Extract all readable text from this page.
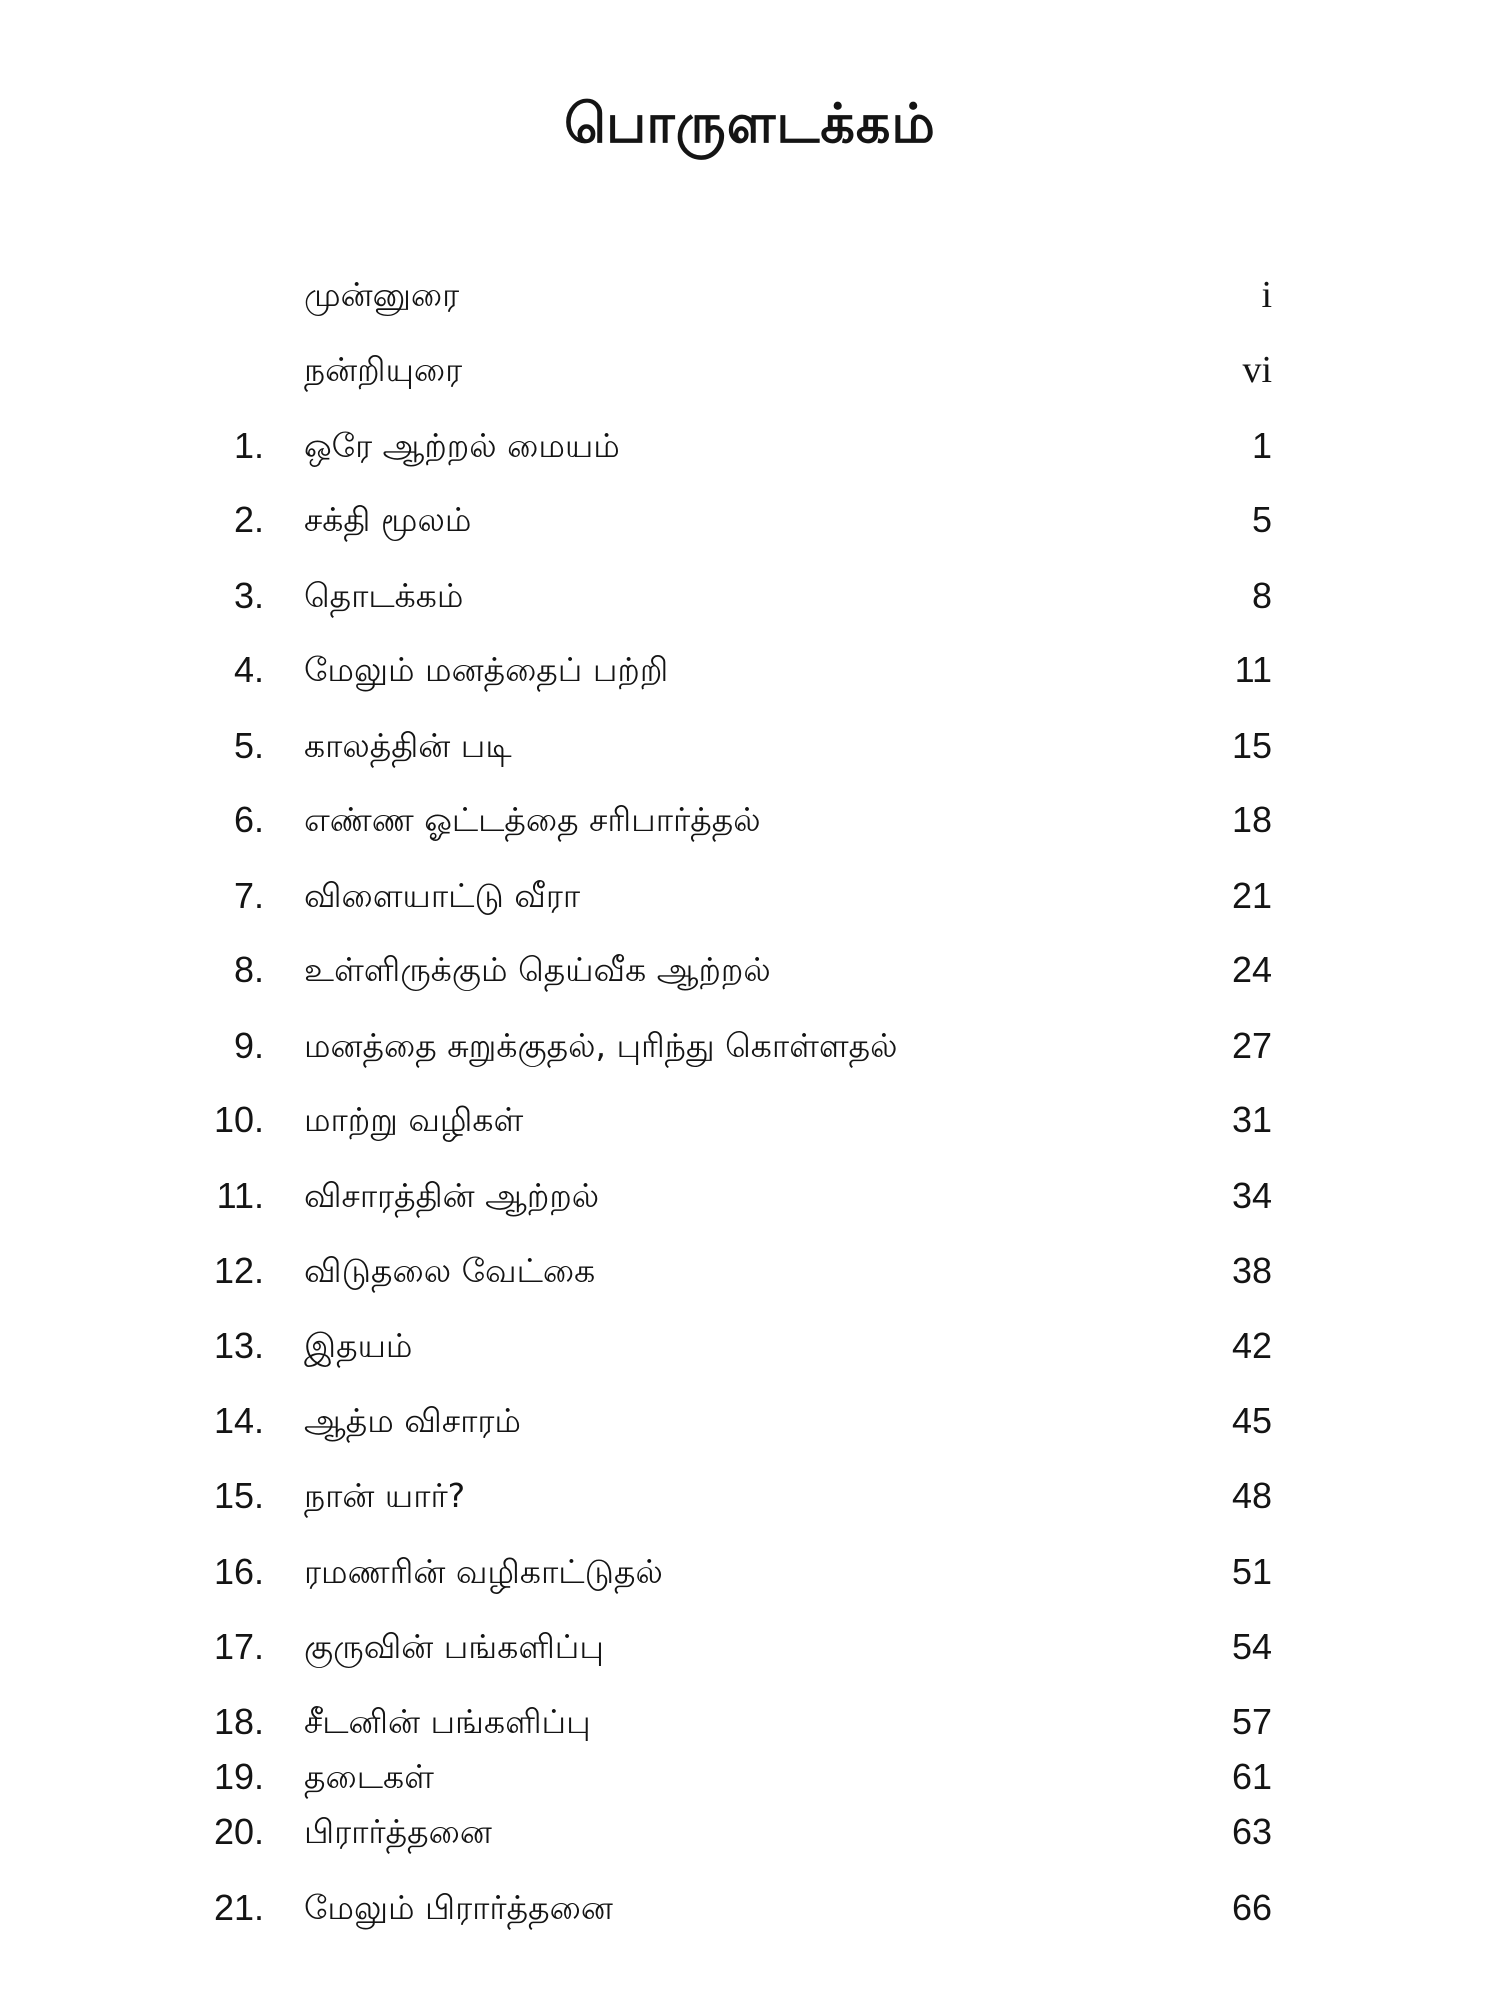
பொருளடக்கம்
முன்னுரை	i
நன்றியுரை	vi
1. ஒரே ஆற்றல் மையம்	1
2. சக்தி மூலம்	5
3. தொடக்கம்	8
4. மேலும் மனத்தைப் பற்றி	11
5. காலத்தின் படி	15
6. எண்ண ஓட்டத்தை சரிபார்த்தல்	18
7. விளையாட்டு வீரா	21
8. உள்ளிருக்கும் தெய்வீக ஆற்றல்	24
9. மனத்தை சுறுக்குதல், புரிந்து கொள்ளதல்	27
10. மாற்று வழிகள்	31
11. விசாரத்தின் ஆற்றல்	34
12. விடுதலை வேட்கை	38
13. இதயம்	42
14. ஆத்ம விசாரம்	45
15. நான் யார்?	48
16. ரமணரின் வழிகாட்டுதல்	51
17. குருவின் பங்களிப்பு	54
18. சீடனின் பங்களிப்பு	57
19. தடைகள்	61
20. பிரார்த்தனை	63
21. மேலும் பிரார்த்தனை	66
